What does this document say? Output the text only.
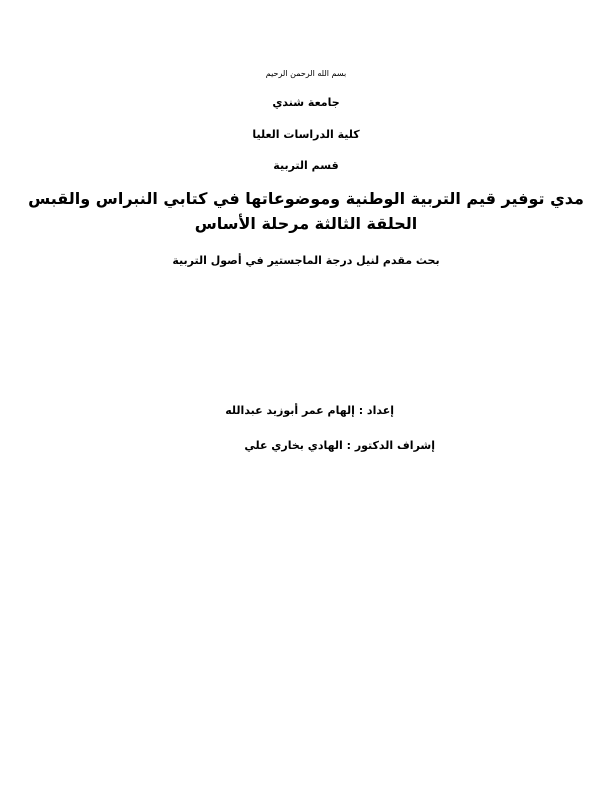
بسم الله الرحمن الرحيم
جامعة شندي
كلية الدراسات العليا
قسم التربية
مدي توفير قيم التربية الوطنية وموضوعاتها في كتابي النبراس والقبس
الحلقة الثالثة مرحلة الأساس
بحث مقدم لنيل درجة الماجستير في أصول التربية
إعداد : إلهام عمر أبوزيد عبدالله
إشراف الدكتور : الهادي بخاري علي
